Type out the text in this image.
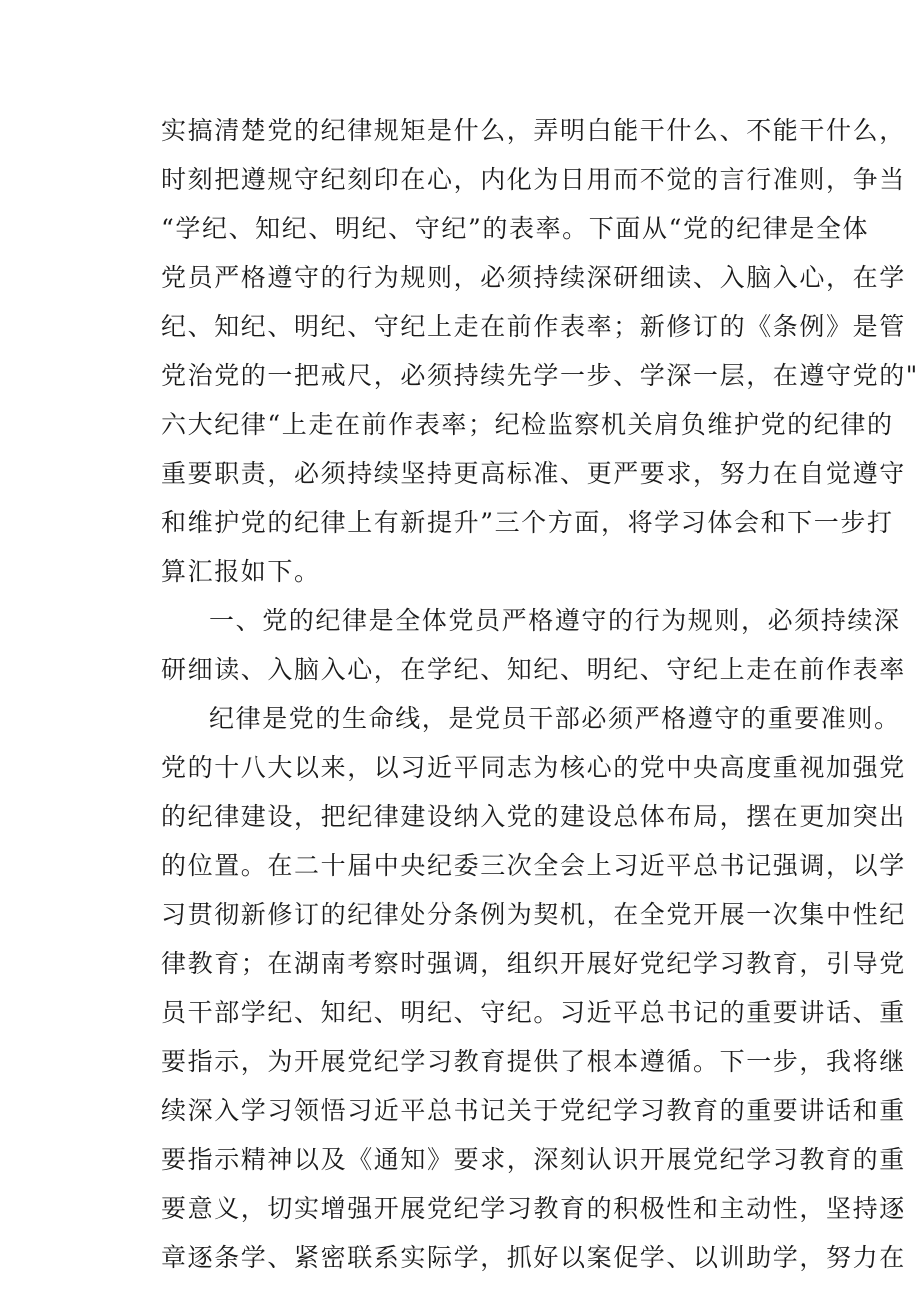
实搞清楚党的纪律规矩是什么，弄明白能干什么、不能干什么，
时刻把遵规守纪刻印在心，内化为日用而不觉的言行准则，争当
“学纪、知纪、明纪、守纪”的表率。下面从“党的纪律是全体
党员严格遵守的行为规则，必须持续深研细读、入脑入心，在学
纪、知纪、明纪、守纪上走在前作表率；新修订的《条例》是管
党治党的一把戒尺，必须持续先学一步、学深一层，在遵守党的"
六大纪律“上走在前作表率；纪检监察机关肩负维护党的纪律的
重要职责，必须持续坚持更高标准、更严要求，努力在自觉遵守
和维护党的纪律上有新提升”三个方面，将学习体会和下一步打
算汇报如下。
一、党的纪律是全体党员严格遵守的行为规则，必须持续深
研细读、入脑入心，在学纪、知纪、明纪、守纪上走在前作表率
纪律是党的生命线，是党员干部必须严格遵守的重要准则。
党的十八大以来，以习近平同志为核心的党中央高度重视加强党
的纪律建设，把纪律建设纳入党的建设总体布局，摆在更加突出
的位置。在二十届中央纪委三次全会上习近平总书记强调，以学
习贯彻新修订的纪律处分条例为契机，在全党开展一次集中性纪
律教育；在湖南考察时强调，组织开展好党纪学习教育，引导党
员干部学纪、知纪、明纪、守纪。习近平总书记的重要讲话、重
要指示，为开展党纪学习教育提供了根本遵循。下一步，我将继
续深入学习领悟习近平总书记关于党纪学习教育的重要讲话和重
要指示精神以及《通知》要求，深刻认识开展党纪学习教育的重
要意义，切实增强开展党纪学习教育的积极性和主动性，坚持逐
章逐条学、紧密联系实际学，抓好以案促学、以训助学，努力在
